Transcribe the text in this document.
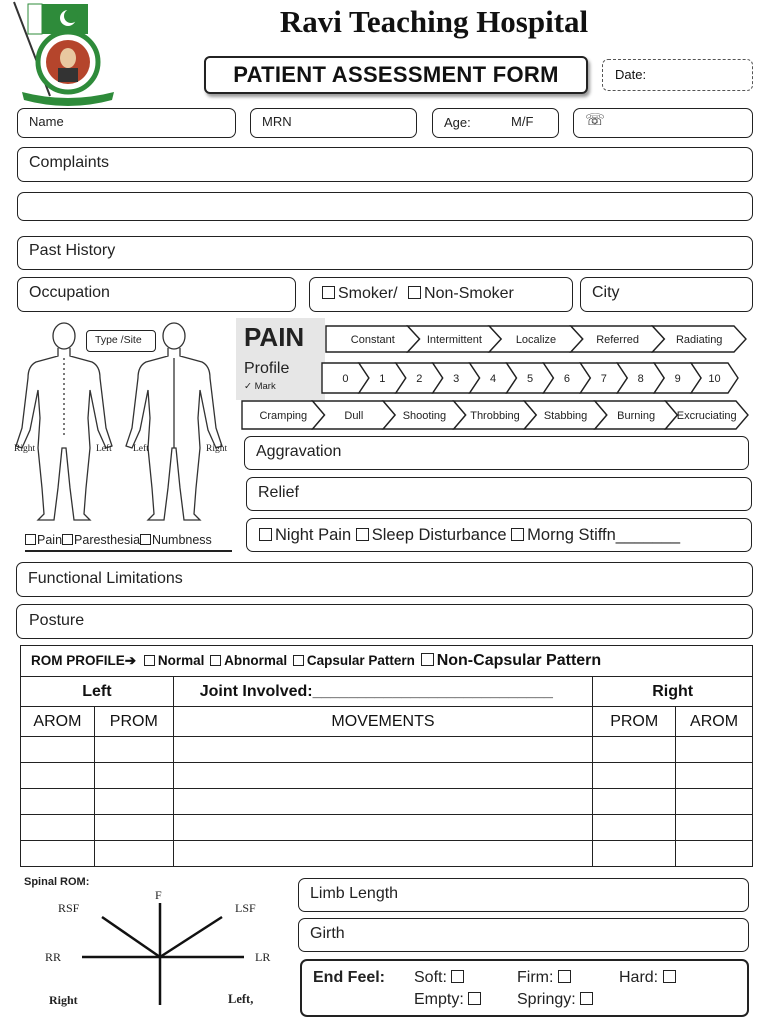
Ravi Teaching Hospital
PATIENT ASSESSMENT FORM	Date:
Name	MRN	Age:	M/F	☏
Complaints
Past History
Occupation	Smoker/ Non-Smoker	City
Type /Site
Right	Left Left	Right
Pain Paresthesia Numbness
PAIN
Profile
✓ Mark
Constant	Intermittent	Localize	Referred	Radiating
0	1	2	3	4	5	6	7	8	9	10
Cramping	Dull	Shooting Throbbing Stabbing	Burning Excruciating
Aggravation
Relief
Night Pain Sleep Disturbance Morng Stiffn_______
Functional Limitations
Posture
ROM PROFILE➔ Normal Abnormal Capsular Pattern Non-Capsular Pattern				
Left		Joint Involved:___________________________	Right	
AROM	PROM	MOVEMENTS	PROM	AROM

Spinal ROM:
F
RSF	LSF
RR	LR
Right	Left,
Limb Length
Girth
End Feel: Soft:	Firm:	Hard:
Empty:	Springy:
